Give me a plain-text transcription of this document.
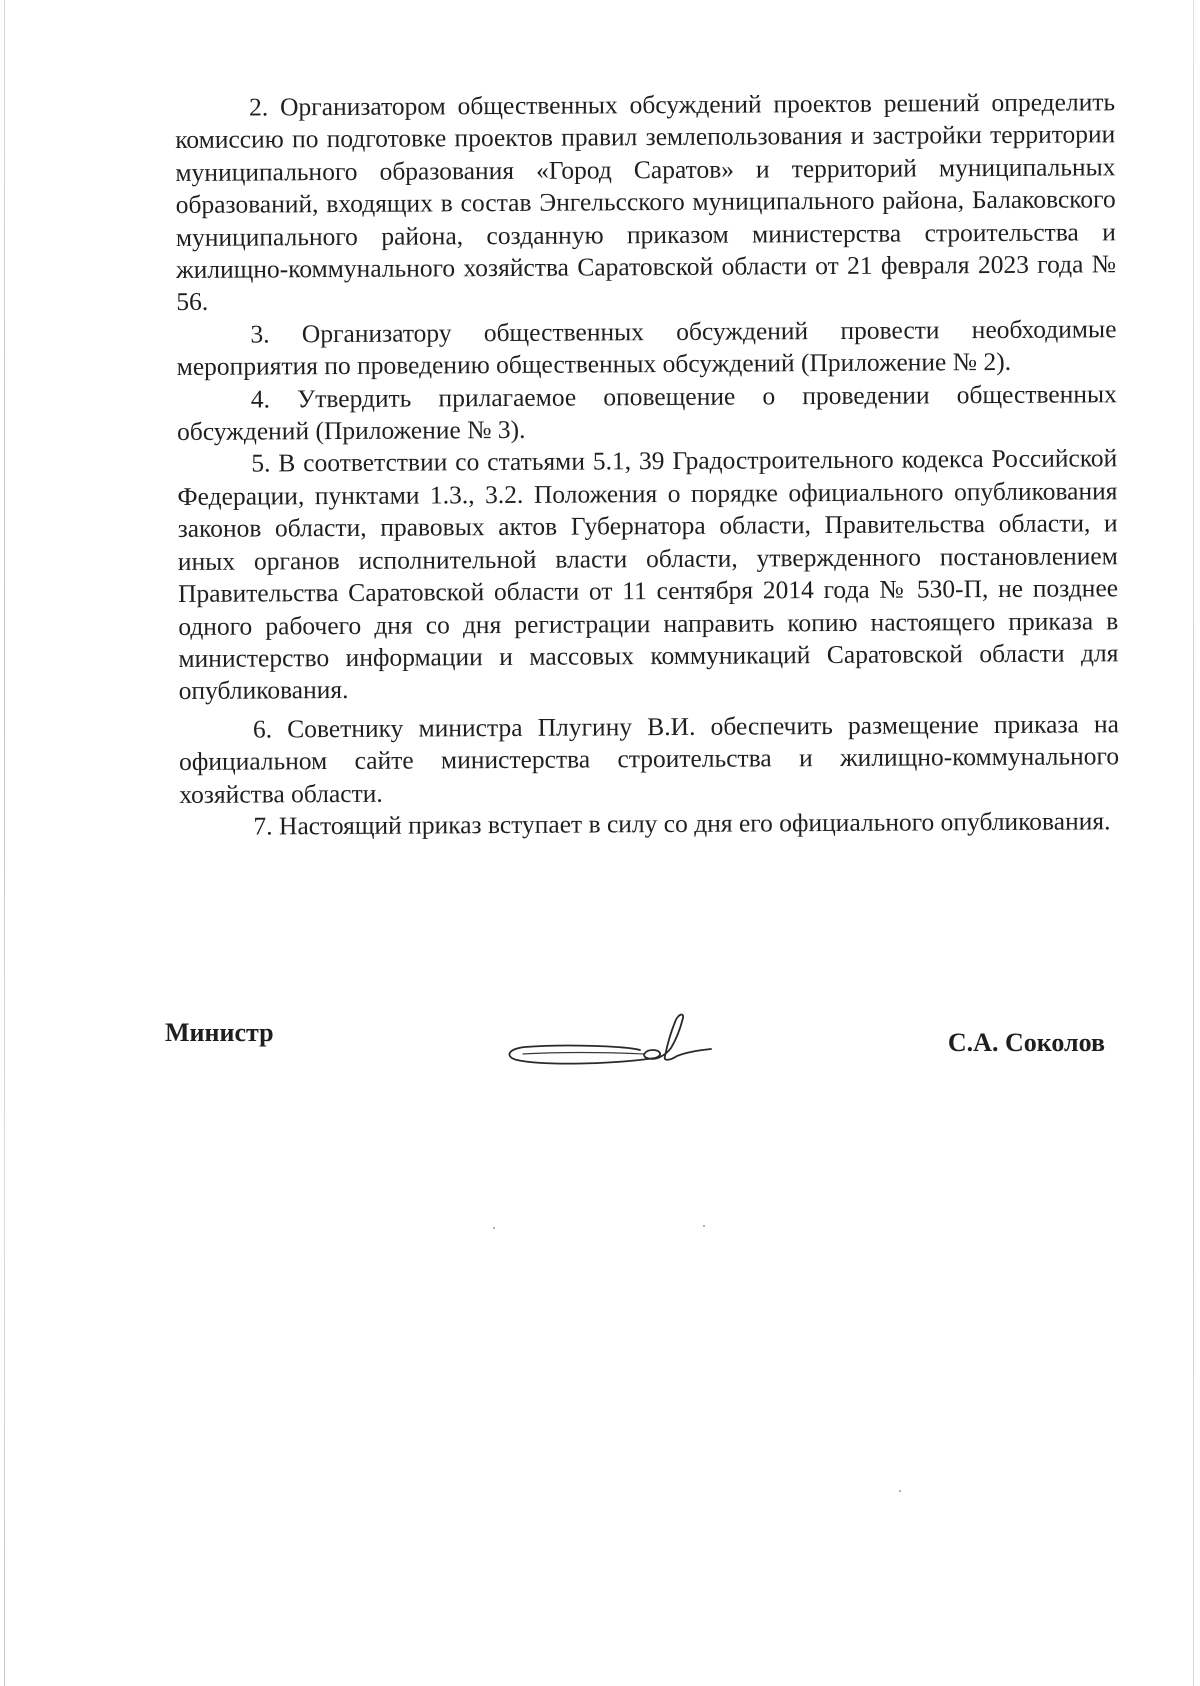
2. Организатором общественных обсуждений проектов решений определить комиссию по подготовке проектов правил землепользования и застройки территории муниципального образования «Город Саратов» и территорий муниципальных образований, входящих в состав Энгельсского муниципального района, Балаковского муниципального района, созданную приказом министерства строительства и жилищно-коммунального хозяйства Саратовской области от 21 февраля 2023 года № 56.

3. Организатору общественных обсуждений провести необходимые мероприятия по проведению общественных обсуждений (Приложение № 2).

4. Утвердить прилагаемое оповещение о проведении общественных обсуждений (Приложение № 3).

5. В соответствии со статьями 5.1, 39 Градостроительного кодекса Российской Федерации, пунктами 1.3., 3.2. Положения о порядке официального опубликования законов области, правовых актов Губернатора области, Правительства области, и иных органов исполнительной власти области, утвержденного постановлением Правительства Саратовской области от 11 сентября 2014 года № 530-П, не позднее одного рабочего дня со дня регистрации направить копию настоящего приказа в министерство информации и массовых коммуникаций Саратовской области для опубликования.

6. Советнику министра Плугину В.И. обеспечить размещение приказа на официальном сайте министерства строительства и жилищно-коммунального хозяйства области.

7. Настоящий приказ вступает в силу со дня его официального опубликования.

Министр	С.А. Соколов
